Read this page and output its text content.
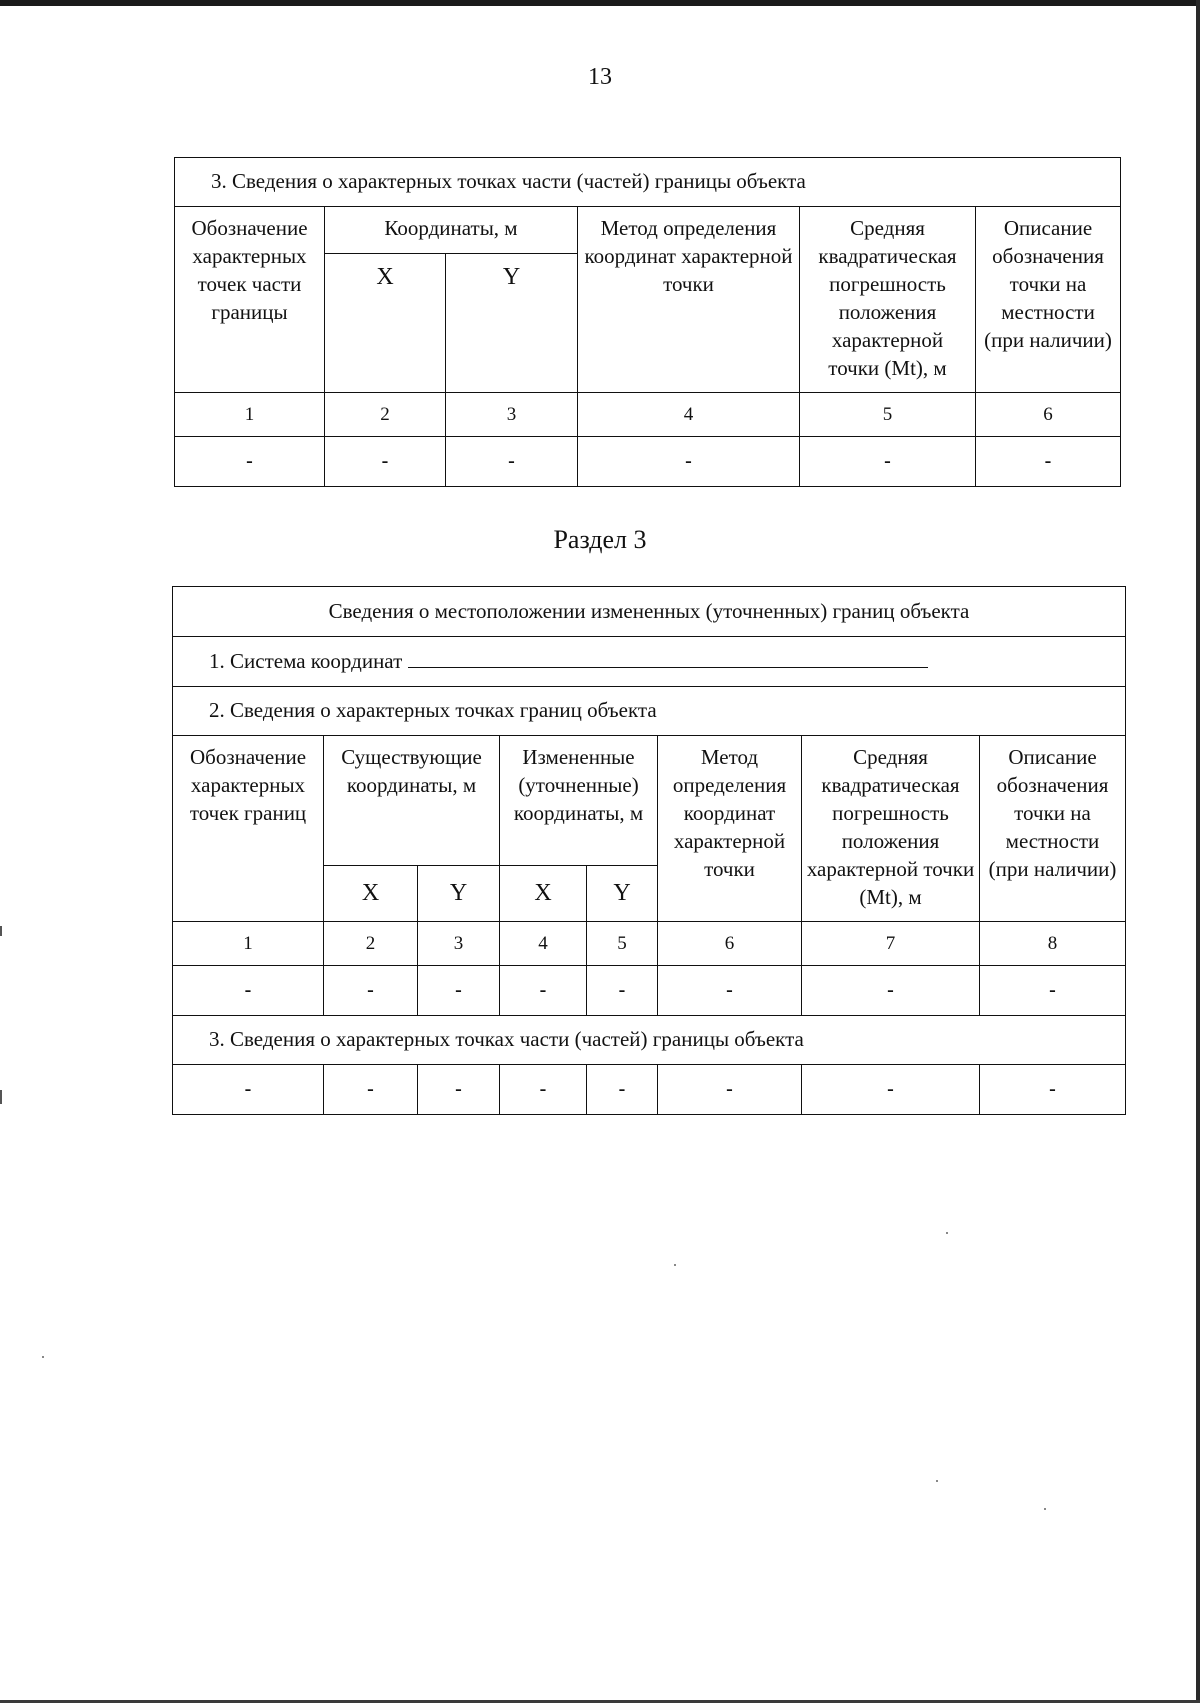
13
3. Сведения о характерных точках части (частей) границы объекта					
Обозначение характерных точек части границы	Координаты, м		Метод определения координат характерной точки	Средняя квадратическая погрешность положения характерной точки (Mt), м	Описание обозначения точки на местности (при наличии)
	X	Y			
1	2	3	4	5	6
-	-	-	-	-	-
Раздел 3
Сведения о местоположении измененных (уточненных) границ объекта							
1. Система координат							
2. Сведения о характерных точках границ объекта							
Обозначение характерных точек границ	Существующие координаты, м		Измененные (уточненные) координаты, м		Метод определения координат характерной точки	Средняя квадратическая погрешность положения характерной точки (Mt), м	Описание обозначения точки на местности (при наличии)
	X	Y	X	Y			
1	2	3	4	5	6	7	8
-	-	-	-	-	-	-	-
3. Сведения о характерных точках части (частей) границы объекта							
-	-	-	-	-	-	-	-
